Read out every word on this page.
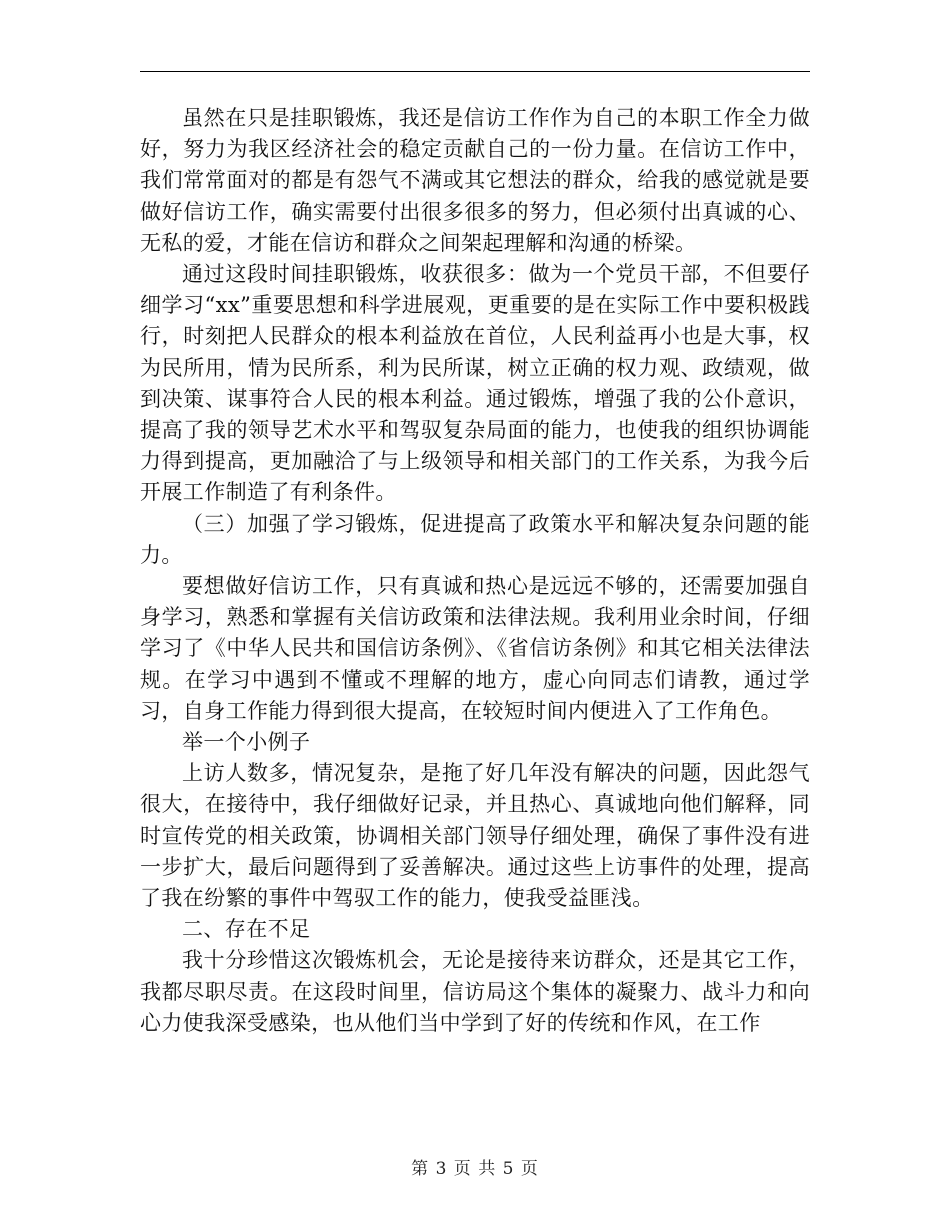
虽然在只是挂职锻炼，我还是信访工作作为自己的本职工作全力做好，努力为我区经济社会的稳定贡献自己的一份力量。在信访工作中，我们常常面对的都是有怨气不满或其它想法的群众，给我的感觉就是要做好信访工作，确实需要付出很多很多的努力，但必须付出真诚的心、无私的爱，才能在信访和群众之间架起理解和沟通的桥梁。

通过这段时间挂职锻炼，收获很多：做为一个党员干部，不但要仔细学习“xx”重要思想和科学进展观，更重要的是在实际工作中要积极践行，时刻把人民群众的根本利益放在首位，人民利益再小也是大事，权为民所用，情为民所系，利为民所谋，树立正确的权力观、政绩观，做到决策、谋事符合人民的根本利益。通过锻炼，增强了我的公仆意识，提高了我的领导艺术水平和驾驭复杂局面的能力，也使我的组织协调能力得到提高，更加融洽了与上级领导和相关部门的工作关系，为我今后开展工作制造了有利条件。

（三）加强了学习锻炼，促进提高了政策水平和解决复杂问题的能力。

要想做好信访工作，只有真诚和热心是远远不够的，还需要加强自身学习，熟悉和掌握有关信访政策和法律法规。我利用业余时间，仔细学习了《中华人民共和国信访条例》、《省信访条例》和其它相关法律法规。在学习中遇到不懂或不理解的地方，虚心向同志们请教，通过学习，自身工作能力得到很大提高，在较短时间内便进入了工作角色。

举一个小例子

上访人数多，情况复杂，是拖了好几年没有解决的问题，因此怨气很大，在接待中，我仔细做好记录，并且热心、真诚地向他们解释，同时宣传党的相关政策，协调相关部门领导仔细处理，确保了事件没有进一步扩大，最后问题得到了妥善解决。通过这些上访事件的处理，提高了我在纷繁的事件中驾驭工作的能力，使我受益匪浅。

二、存在不足

我十分珍惜这次锻炼机会，无论是接待来访群众，还是其它工作，我都尽职尽责。在这段时间里，信访局这个集体的凝聚力、战斗力和向心力使我深受感染，也从他们当中学到了好的传统和作风，在工作

第 3 页 共 5 页
